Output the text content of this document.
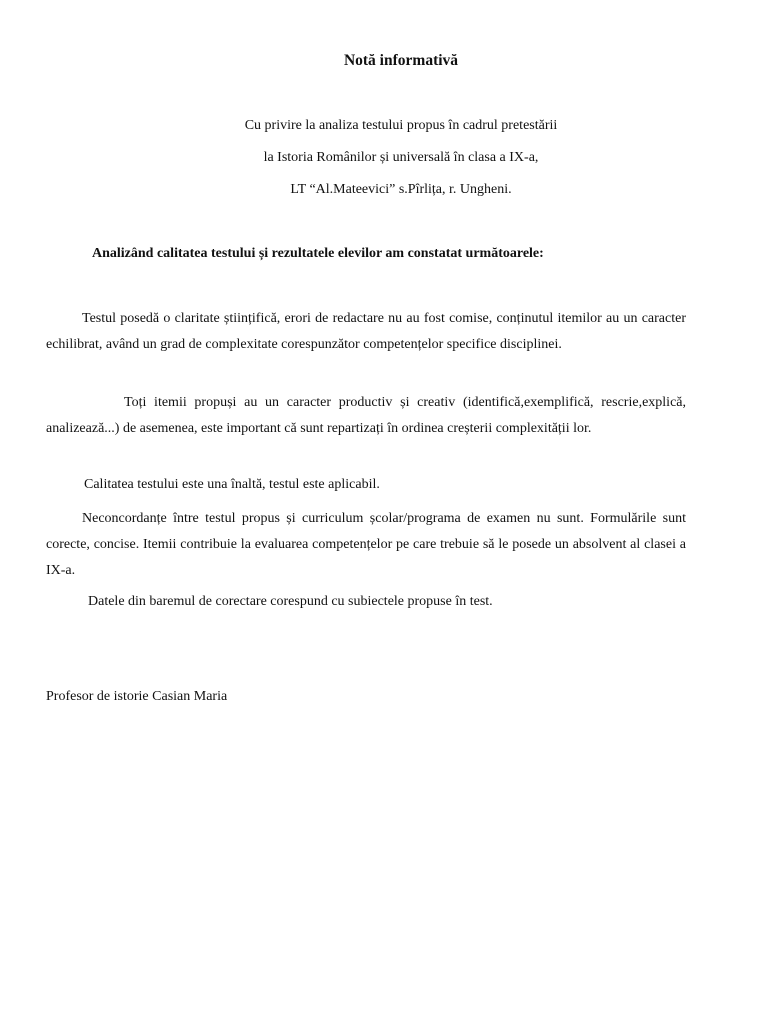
Notă informativă
Cu privire la analiza testului propus în cadrul pretestării
la Istoria Românilor și universală în clasa a IX-a,
LT “Al.Mateevici” s.Pîrlița, r. Ungheni.
Analizând calitatea testului și rezultatele elevilor am constatat următoarele:

Testul posedă o claritate științifică, erori de redactare nu au fost comise, conținutul itemilor au un caracter echilibrat, având un grad de complexitate corespunzător competențelor specifice disciplinei.

Toți itemii propuși au un caracter productiv și creativ (identifică,exemplifică, rescrie,explică, analizează...) de asemenea, este important că sunt repartizați în ordinea creșterii complexității lor.

Calitatea testului este una înaltă, testul este aplicabil.

Neconcordanțe între testul propus și curriculum școlar/programa de examen nu sunt. Formulările sunt corecte, concise. Itemii contribuie la evaluarea competențelor pe care trebuie să le posede un absolvent al clasei a IX-a.

Datele din baremul de corectare corespund cu subiectele propuse în test.

Profesor de istorie Casian Maria
